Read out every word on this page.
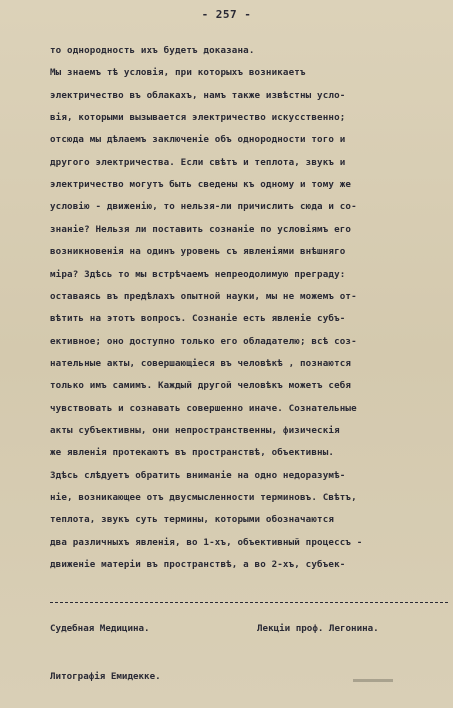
- 257 -
то однородность ихъ будетъ доказана.
Мы знаемъ тѣ условія, при которыхъ возникаетъ
электричество въ облакахъ, намъ также извѣстны усло-
вія, которыми вызывается электричество искусственно;
отсюда мы дѣлаемъ заключеніе объ однородности того и
другого электричества. Если свѣтъ и теплота, звукъ и
электричество могутъ быть сведены къ одному и тому же
условію - движенію, то нельзя-ли причислить сюда и со-
знаніе? Нельзя ли поставить сознаніе по условіямъ его
возникновенія на одинъ уровень съ явленіями внѣшняго
міра? Здѣсь то мы встрѣчаемъ непреодолимую преграду:
оставаясь въ предѣлахъ опытной науки, мы не можемъ от-
вѣтить на этотъ вопросъ. Сознаніе есть явленіе субъ-
ективное; оно доступно только его обладателю; всѣ соз-
нательные акты, совершающіеся въ человѣкѣ , познаются
только имъ самимъ. Каждый другой человѣкъ можетъ себя
чувствовать и сознавать совершенно иначе. Сознательные
акты субъективны, они непространственны, физическія
же явленія протекаютъ въ пространствѣ, объективны.
Здѣсь слѣдуетъ обратить вниманіе на одно недоразумѣ-
ніе, возникающее отъ двусмысленности терминовъ. Свѣтъ,
теплота, звукъ суть термины, которыми обозначаются
два различныхъ явленія, во 1-хъ, объективный процессъ -
движеніе матеріи въ пространствѣ, а во 2-хъ, субъек-
Судебная Медицина.	Лекціи проф. Легонина.
Литографія Емидекке.
